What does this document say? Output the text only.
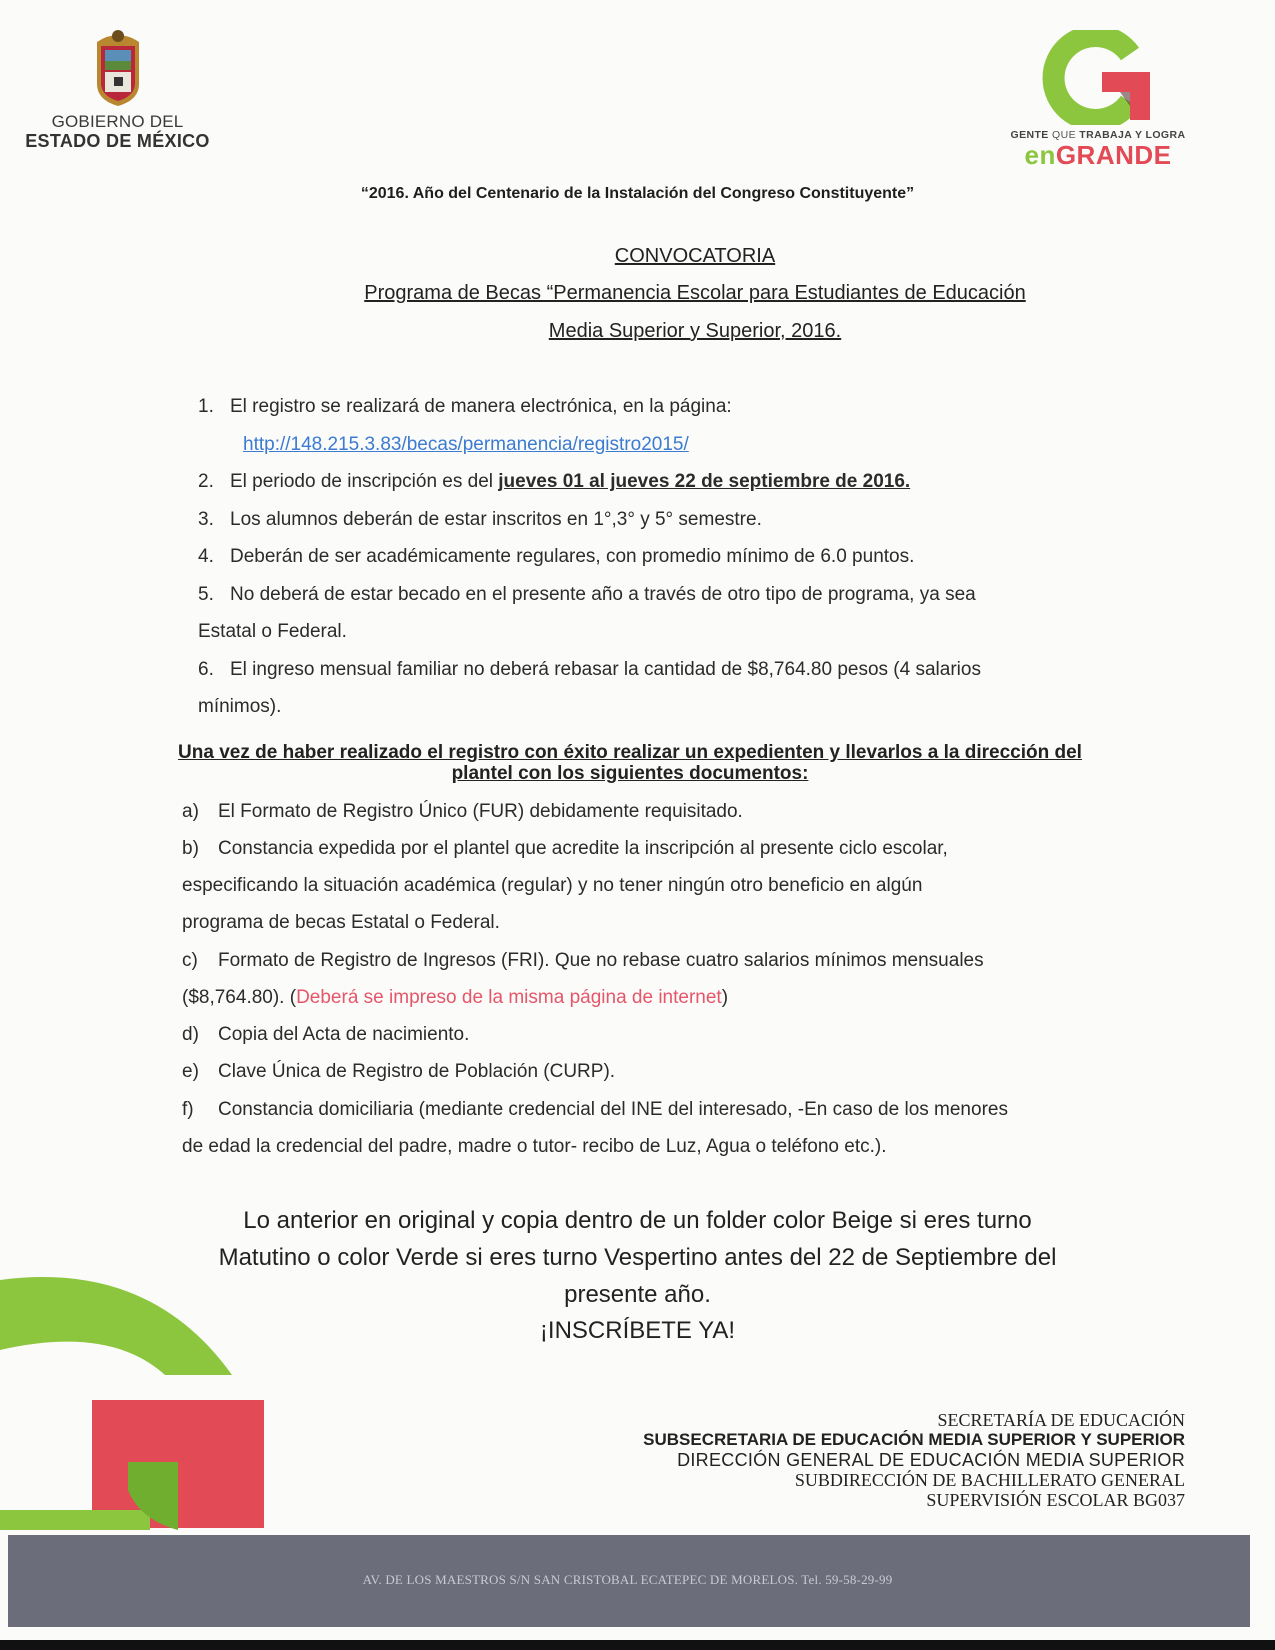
GOBIERNO DEL
ESTADO DE MÉXICO	GENTE QUE TRABAJA Y LOGRA
enGRANDE
“2016. Año del Centenario de la Instalación del Congreso Constituyente”
CONVOCATORIA
Programa de Becas “Permanencia Escolar para Estudiantes de Educación
Media Superior y Superior, 2016.
1. El registro se realizará de manera electrónica, en la página:
http://148.215.3.83/becas/permanencia/registro2015/
2. El periodo de inscripción es del jueves 01 al jueves 22 de septiembre de 2016.
3. Los alumnos deberán de estar inscritos en 1°,3° y 5° semestre.
4. Deberán de ser académicamente regulares, con promedio mínimo de 6.0 puntos.
5. No deberá de estar becado en el presente año a través de otro tipo de programa, ya sea
Estatal o Federal.
6. El ingreso mensual familiar no deberá rebasar la cantidad de $8,764.80 pesos (4 salarios
mínimos).
Una vez de haber realizado el registro con éxito realizar un expedienten y llevarlos a la dirección del
plantel con los siguientes documentos:
a) El Formato de Registro Único (FUR) debidamente requisitado.
b) Constancia expedida por el plantel que acredite la inscripción al presente ciclo escolar,
especificando la situación académica (regular) y no tener ningún otro beneficio en algún
programa de becas Estatal o Federal.
c) Formato de Registro de Ingresos (FRI). Que no rebase cuatro salarios mínimos mensuales
($8,764.80). (Deberá se impreso de la misma página de internet)
d) Copia del Acta de nacimiento.
e) Clave Única de Registro de Población (CURP).
f) Constancia domiciliaria (mediante credencial del INE del interesado, -En caso de los menores
de edad la credencial del padre, madre o tutor- recibo de Luz, Agua o teléfono etc.).
Lo anterior en original y copia dentro de un folder color Beige si eres turno
Matutino o color Verde si eres turno Vespertino antes del 22 de Septiembre del
presente año.
¡INSCRÍBETE YA!
SECRETARÍA DE EDUCACIÓN
SUBSECRETARIA DE EDUCACIÓN MEDIA SUPERIOR Y SUPERIOR
DIRECCIÓN GENERAL DE EDUCACIÓN MEDIA SUPERIOR
SUBDIRECCIÓN DE BACHILLERATO GENERAL
SUPERVISIÓN ESCOLAR BG037
AV. DE LOS MAESTROS S/N SAN CRISTOBAL ECATEPEC DE MORELOS. Tel. 59-58-29-99
